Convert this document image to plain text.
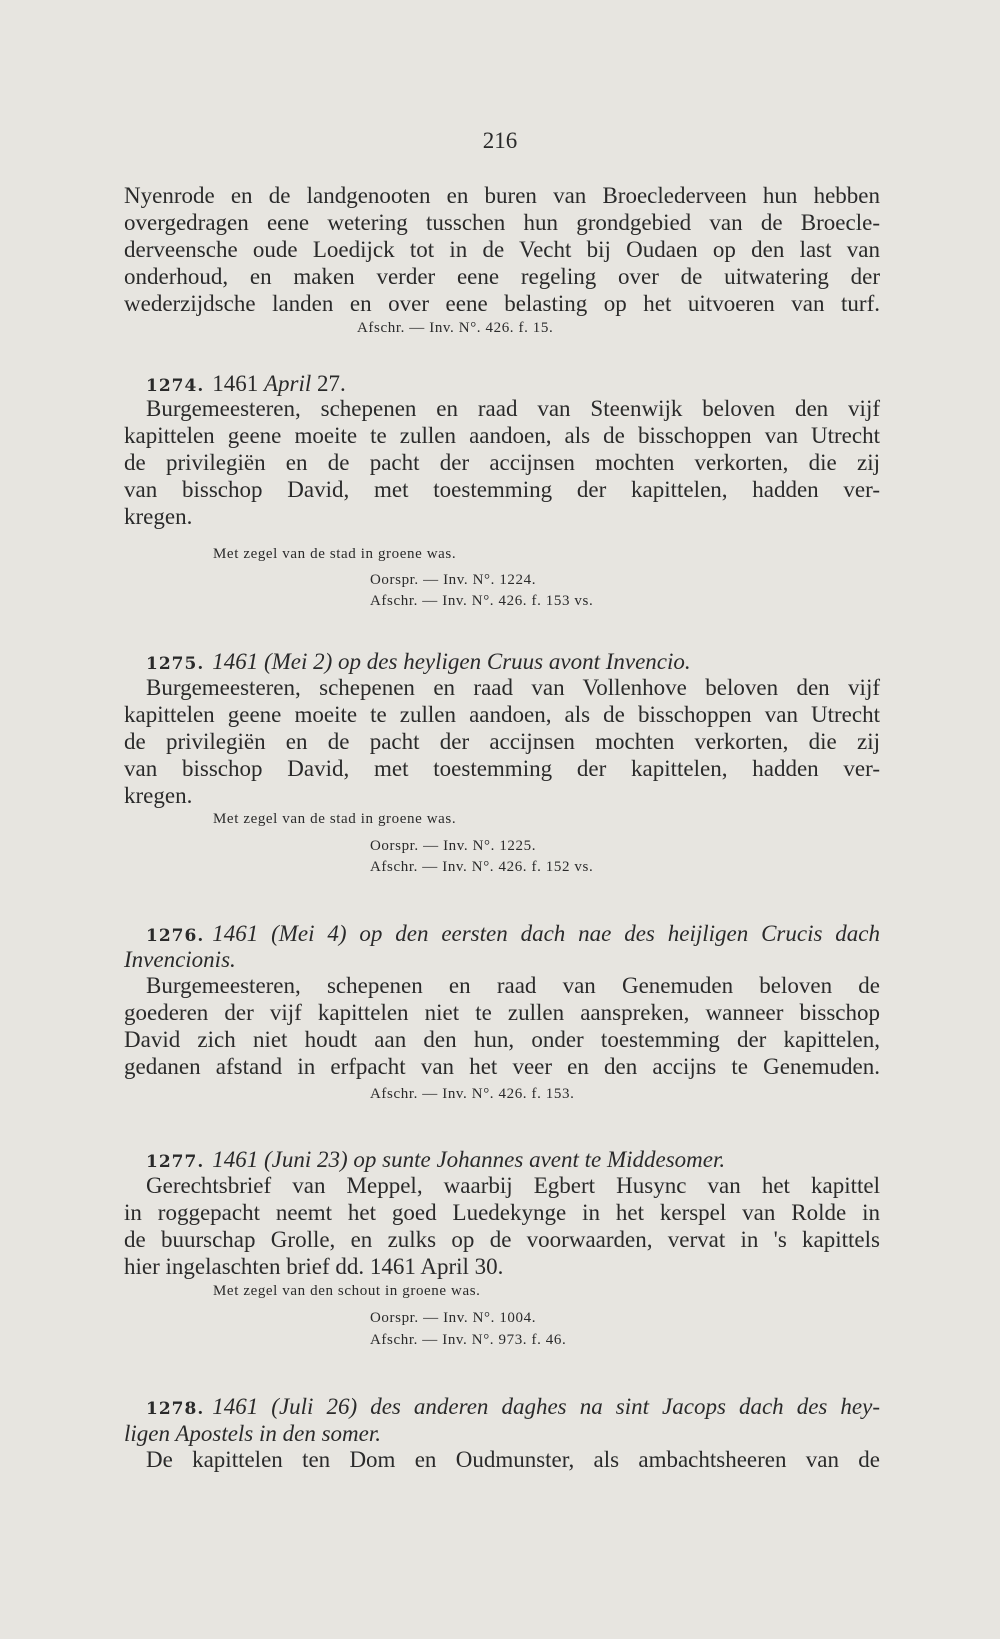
216
Nyenrode en de landgenooten en buren van Broeclederveen hun hebben
overgedragen eene wetering tusschen hun grondgebied van de Broecle-
derveensche oude Loedijck tot in de Vecht bij Oudaen op den last van
onderhoud, en maken verder eene regeling over de uitwatering der
wederzijdsche landen en over eene belasting op het uitvoeren van turf.
Afschr. — Inv. N°. 426. f. 15.
1274. 1461 April 27.
Burgemeesteren, schepenen en raad van Steenwijk beloven den vijf
kapittelen geene moeite te zullen aandoen, als de bisschoppen van Utrecht
de privilegiën en de pacht der accijnsen mochten verkorten, die zij
van bisschop David, met toestemming der kapittelen, hadden ver-
kregen.
Met zegel van de stad in groene was.
Oorspr. — Inv. N°. 1224.
Afschr. — Inv. N°. 426. f. 153 vs.
1275. 1461 (Mei 2) op des heyligen Cruus avont Invencio.
Burgemeesteren, schepenen en raad van Vollenhove beloven den vijf
kapittelen geene moeite te zullen aandoen, als de bisschoppen van Utrecht
de privilegiën en de pacht der accijnsen mochten verkorten, die zij
van bisschop David, met toestemming der kapittelen, hadden ver-
kregen.
Met zegel van de stad in groene was.
Oorspr. — Inv. N°. 1225.
Afschr. — Inv. N°. 426. f. 152 vs.
1276. 1461 (Mei 4) op den eersten dach nae des heijligen Crucis dach
Invencionis.
Burgemeesteren, schepenen en raad van Genemuden beloven de
goederen der vijf kapittelen niet te zullen aanspreken, wanneer bisschop
David zich niet houdt aan den hun, onder toestemming der kapittelen,
gedanen afstand in erfpacht van het veer en den accijns te Genemuden.
Afschr. — Inv. N°. 426. f. 153.
1277. 1461 (Juni 23) op sunte Johannes avent te Middesomer.
Gerechtsbrief van Meppel, waarbij Egbert Husync van het kapittel
in roggepacht neemt het goed Luedekynge in het kerspel van Rolde in
de buurschap Grolle, en zulks op de voorwaarden, vervat in 's kapittels
hier ingelaschten brief dd. 1461 April 30.
Met zegel van den schout in groene was.
Oorspr. — Inv. N°. 1004.
Afschr. — Inv. N°. 973. f. 46.
1278. 1461 (Juli 26) des anderen daghes na sint Jacops dach des hey-
ligen Apostels in den somer.
De kapittelen ten Dom en Oudmunster, als ambachtsheeren van de
